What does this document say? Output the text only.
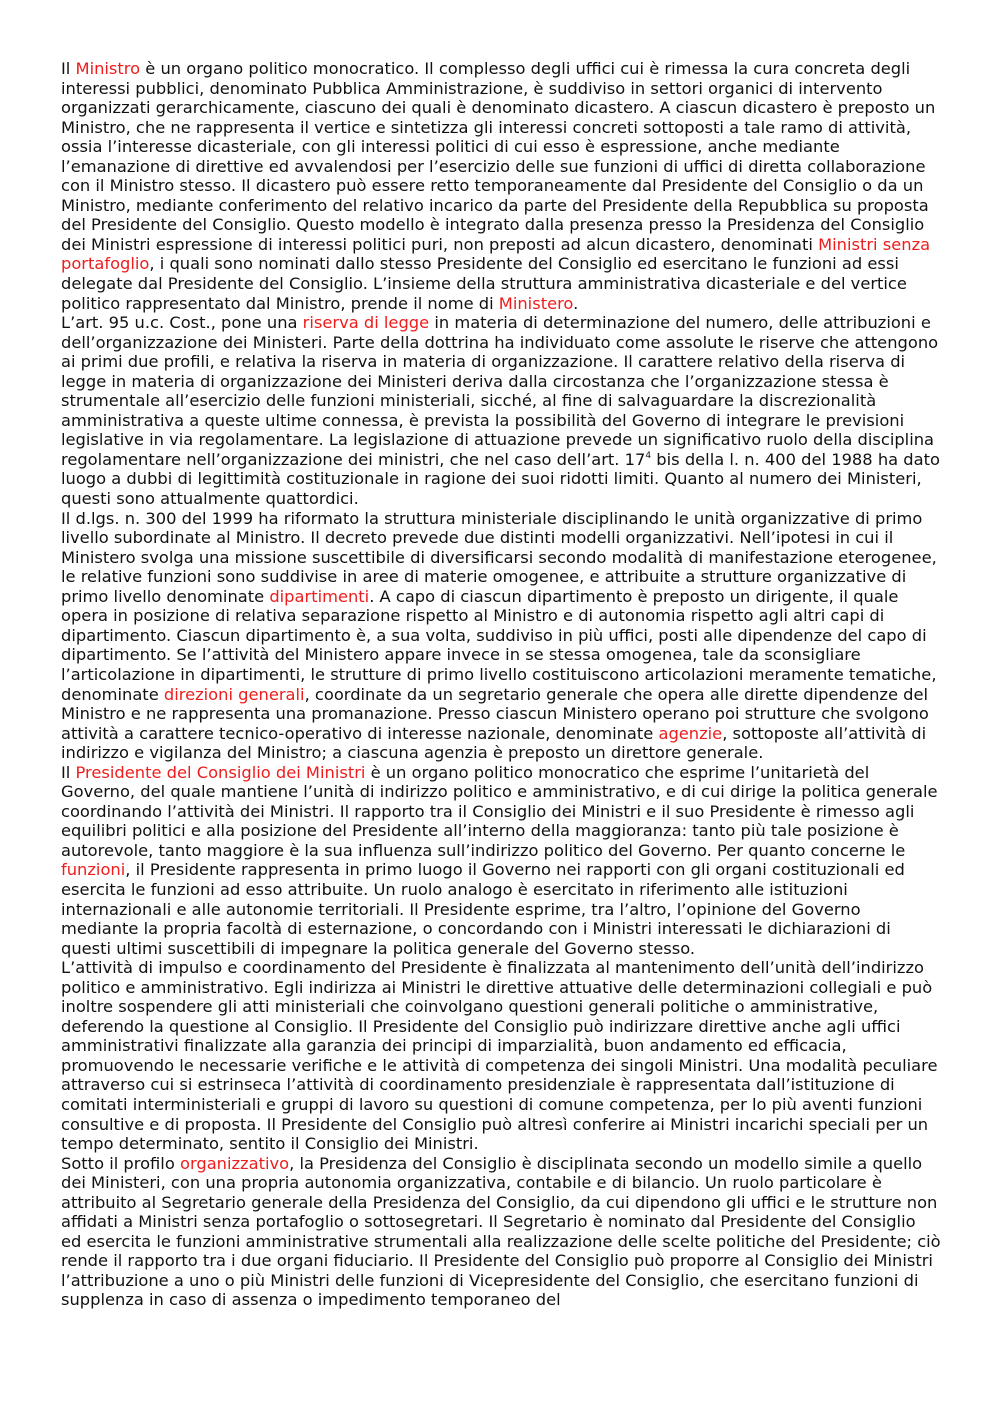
Il Ministro è un organo politico monocratico. Il complesso degli uffici cui è rimessa la cura concreta degli interessi pubblici, denominato Pubblica Amministrazione, è suddiviso in settori organici di intervento organizzati gerarchicamente, ciascuno dei quali è denominato dicastero. A ciascun dicastero è preposto un Ministro, che ne rappresenta il vertice e sintetizza gli interessi concreti sottoposti a tale ramo di attività, ossia l’interesse dicasteriale, con gli interessi politici di cui esso è espressione, anche mediante l’emanazione di direttive ed avvalendosi per l’esercizio delle sue funzioni di uffici di diretta collaborazione con il Ministro stesso. Il dicastero può essere retto temporaneamente dal Presidente del Consiglio o da un Ministro, mediante conferimento del relativo incarico da parte del Presidente della Repubblica su proposta del Presidente del Consiglio. Questo modello è integrato dalla presenza presso la Presidenza del Consiglio dei Ministri espressione di interessi politici puri, non preposti ad alcun dicastero, denominati Ministri senza portafoglio, i quali sono nominati dallo stesso Presidente del Consiglio ed esercitano le funzioni ad essi delegate dal Presidente del Consiglio. L’insieme della struttura amministrativa dicasteriale e del vertice politico rappresentato dal Ministro, prende il nome di Ministero.

L’art. 95 u.c. Cost., pone una riserva di legge in materia di determinazione del numero, delle attribuzioni e dell’organizzazione dei Ministeri. Parte della dottrina ha individuato come assolute le riserve che attengono ai primi due profili, e relativa la riserva in materia di organizzazione. Il carattere relativo della riserva di legge in materia di organizzazione dei Ministeri deriva dalla circostanza che l’organizzazione stessa è strumentale all’esercizio delle funzioni ministeriali, sicché, al fine di salvaguardare la discrezionalità amministrativa a queste ultime connessa, è prevista la possibilità del Governo di integrare le previsioni legislative in via regolamentare. La legislazione di attuazione prevede un significativo ruolo della disciplina regolamentare nell’organizzazione dei ministri, che nel caso dell’art. $17^4$ bis della l. n. 400 del 1988 ha dato luogo a dubbi di legittimità costituzionale in ragione dei suoi ridotti limiti. Quanto al numero dei Ministeri, questi sono attualmente quattordici.

Il d.lgs. n. 300 del 1999 ha riformato la struttura ministeriale disciplinando le unità organizzative di primo livello subordinate al Ministro. Il decreto prevede due distinti modelli organizzativi. Nell’ipotesi in cui il Ministero svolga una missione suscettibile di diversificarsi secondo modalità di manifestazione eterogenee, le relative funzioni sono suddivise in aree di materie omogenee, e attribuite a strutture organizzative di primo livello denominate dipartimenti. A capo di ciascun dipartimento è preposto un dirigente, il quale opera in posizione di relativa separazione rispetto al Ministro e di autonomia rispetto agli altri capi di dipartimento. Ciascun dipartimento è, a sua volta, suddiviso in più uffici, posti alle dipendenze del capo di dipartimento. Se l’attività del Ministero appare invece in se stessa omogenea, tale da sconsigliare l’articolazione in dipartimenti, le strutture di primo livello costituiscono articolazioni meramente tematiche, denominate direzioni generali, coordinate da un segretario generale che opera alle dirette dipendenze del Ministro e ne rappresenta una promanazione. Presso ciascun Ministero operano poi strutture che svolgono attività a carattere tecnico-operativo di interesse nazionale, denominate agenzie, sottoposte all’attività di indirizzo e vigilanza del Ministro; a ciascuna agenzia è preposto un direttore generale.

Il Presidente del Consiglio dei Ministri è un organo politico monocratico che esprime l’unitarietà del Governo, del quale mantiene l’unità di indirizzo politico e amministrativo, e di cui dirige la politica generale coordinando l’attività dei Ministri. Il rapporto tra il Consiglio dei Ministri e il suo Presidente è rimesso agli equilibri politici e alla posizione del Presidente all’interno della maggioranza: tanto più tale posizione è autorevole, tanto maggiore è la sua influenza sull’indirizzo politico del Governo. Per quanto concerne le funzioni, il Presidente rappresenta in primo luogo il Governo nei rapporti con gli organi costituzionali ed esercita le funzioni ad esso attribuite. Un ruolo analogo è esercitato in riferimento alle istituzioni internazionali e alle autonomie territoriali. Il Presidente esprime, tra l’altro, l’opinione del Governo mediante la propria facoltà di esternazione, o concordando con i Ministri interessati le dichiarazioni di questi ultimi suscettibili di impegnare la politica generale del Governo stesso.

L’attività di impulso e coordinamento del Presidente è finalizzata al mantenimento dell’unità dell’indirizzo politico e amministrativo. Egli indirizza ai Ministri le direttive attuative delle determinazioni collegiali e può inoltre sospendere gli atti ministeriali che coinvolgano questioni generali politiche o amministrative, deferendo la questione al Consiglio. Il Presidente del Consiglio può indirizzare direttive anche agli uffici amministrativi finalizzate alla garanzia dei principi di imparzialità, buon andamento ed efficacia, promuovendo le necessarie verifiche e le attività di competenza dei singoli Ministri. Una modalità peculiare attraverso cui si estrinseca l’attività di coordinamento presidenziale è rappresentata dall’istituzione di comitati interministeriali e gruppi di lavoro su questioni di comune competenza, per lo più aventi funzioni consultive e di proposta. Il Presidente del Consiglio può altresì conferire ai Ministri incarichi speciali per un tempo determinato, sentito il Consiglio dei Ministri.

Sotto il profilo organizzativo, la Presidenza del Consiglio è disciplinata secondo un modello simile a quello dei Ministeri, con una propria autonomia organizzativa, contabile e di bilancio. Un ruolo particolare è attribuito al Segretario generale della Presidenza del Consiglio, da cui dipendono gli uffici e le strutture non affidati a Ministri senza portafoglio o sottosegretari. Il Segretario è nominato dal Presidente del Consiglio ed esercita le funzioni amministrative strumentali alla realizzazione delle scelte politiche del Presidente; ciò rende il rapporto tra i due organi fiduciario. Il Presidente del Consiglio può proporre al Consiglio dei Ministri l’attribuzione a uno o più Ministri delle funzioni di Vicepresidente del Consiglio, che esercitano funzioni di supplenza in caso di assenza o impedimento temporaneo del
